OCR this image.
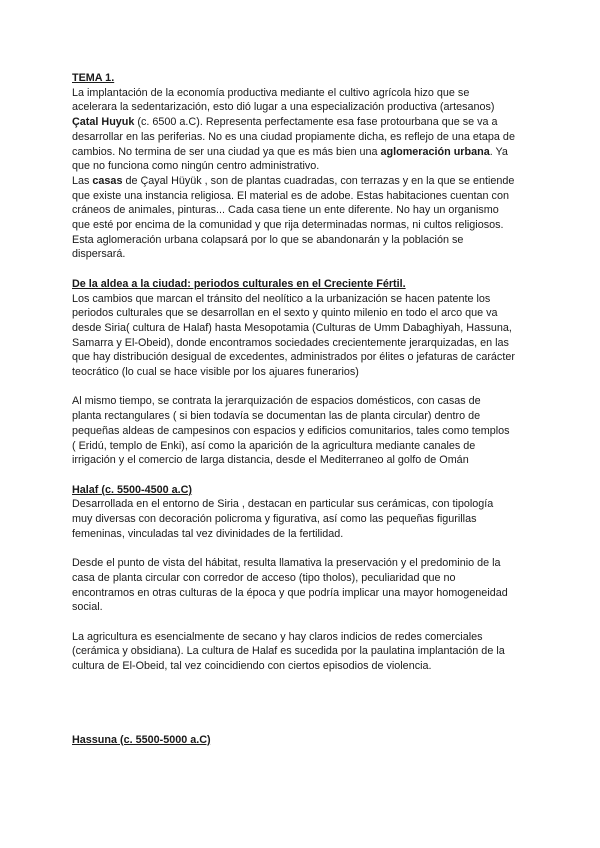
TEMA 1.
La implantación de la economía productiva mediante el cultivo agrícola hizo que se
acelerara la sedentarización, esto dió lugar a una especialización productiva (artesanos)
Çatal Huyuk (c. 6500 a.C). Representa perfectamente esa fase protourbana que se va a
desarrollar en las periferias. No es una ciudad propiamente dicha, es reflejo de una etapa de
cambios. No termina de ser una ciudad ya que es más bien una aglomeración urbana. Ya
que no funciona como ningún centro administrativo.
Las casas de Çayal Hüyük , son de plantas cuadradas, con terrazas y en la que se entiende
que existe una instancia religiosa. El material es de adobe. Estas habitaciones cuentan con
cráneos de animales, pinturas... Cada casa tiene un ente diferente. No hay un organismo
que esté por encima de la comunidad y que rija determinadas normas, ni cultos religiosos.
Esta aglomeración urbana colapsará por lo que se abandonarán y la población se
dispersará.
De la aldea a la ciudad: periodos culturales en el Creciente Fértil.
Los cambios que marcan el tránsito del neolítico a la urbanización se hacen patente los
periodos culturales que se desarrollan en el sexto y quinto milenio en todo el arco que va
desde Siria( cultura de Halaf) hasta Mesopotamia (Culturas de Umm Dabaghiyah, Hassuna,
Samarra y El-Obeid), donde encontramos sociedades crecientemente jerarquizadas, en las
que hay distribución desigual de excedentes, administrados por élites o jefaturas de carácter
teocrático (lo cual se hace visible por los ajuares funerarios)
Al mismo tiempo, se contrata la jerarquización de espacios domésticos, con casas de
planta rectangulares ( si bien todavía se documentan las de planta circular) dentro de
pequeñas aldeas de campesinos con espacios y edificios comunitarios, tales como templos
( Eridú, templo de Enki), así como la aparición de la agricultura mediante canales de
irrigación y el comercio de larga distancia, desde el Mediterraneo al golfo de Omán
Halaf (c. 5500-4500 a.C)
Desarrollada en el entorno de Siria , destacan en particular sus cerámicas, con tipología
muy diversas con decoración policroma y figurativa, así como las pequeñas figurillas
femeninas, vinculadas tal vez divinidades de la fertilidad.
Desde el punto de vista del hábitat, resulta llamativa la preservación y el predominio de la
casa de planta circular con corredor de acceso (tipo tholos), peculiaridad que no
encontramos en otras culturas de la época y que podría implicar una mayor homogeneidad
social.
La agricultura es esencialmente de secano y hay claros indicios de redes comerciales
(cerámica y obsidiana). La cultura de Halaf es sucedida por la paulatina implantación de la
cultura de El-Obeid, tal vez coincidiendo con ciertos episodios de violencia.
Hassuna (c. 5500-5000 a.C)
